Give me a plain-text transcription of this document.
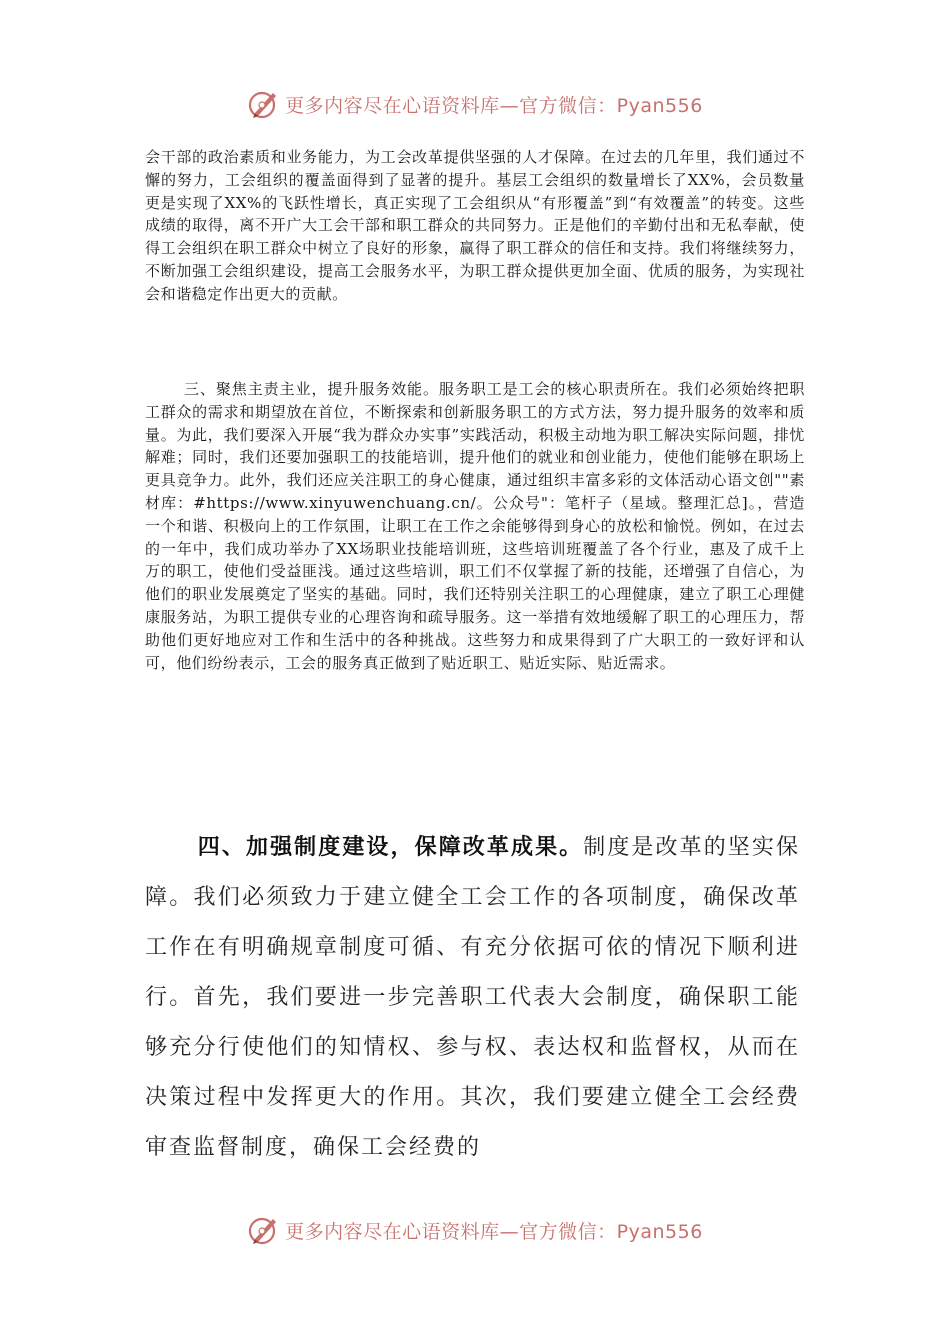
更多内容尽在心语资料库—官方微信：Pyan556

会干部的政治素质和业务能力，为工会改革提供坚强的人才保障。在过去的几年里，我们通过不懈的努力，工会组织的覆盖面得到了显著的提升。基层工会组织的数量增长了XX%，会员数量更是实现了XX%的飞跃性增长，真正实现了工会组织从“有形覆盖”到“有效覆盖”的转变。这些成绩的取得，离不开广大工会干部和职工群众的共同努力。正是他们的辛勤付出和无私奉献，使得工会组织在职工群众中树立了良好的形象，赢得了职工群众的信任和支持。我们将继续努力，不断加强工会组织建设，提高工会服务水平，为职工群众提供更加全面、优质的服务，为实现社会和谐稳定作出更大的贡献。

三、聚焦主责主业，提升服务效能。服务职工是工会的核心职责所在。我们必须始终把职工群众的需求和期望放在首位，不断探索和创新服务职工的方式方法，努力提升服务的效率和质量。为此，我们要深入开展“我为群众办实事”实践活动，积极主动地为职工解决实际问题，排忧解难；同时，我们还要加强职工的技能培训，提升他们的就业和创业能力，使他们能够在职场上更具竞争力。此外，我们还应关注职工的身心健康，通过组织丰富多彩的文体活动心语文创""素材库：#https://www.xinyuwenchuang.cn/。公众号"：笔杆子（星域。整理汇总]。，营造一个和谐、积极向上的工作氛围，让职工在工作之余能够得到身心的放松和愉悦。例如，在过去的一年中，我们成功举办了XX场职业技能培训班，这些培训班覆盖了各个行业，惠及了成千上万的职工，使他们受益匪浅。通过这些培训，职工们不仅掌握了新的技能，还增强了自信心，为他们的职业发展奠定了坚实的基础。同时，我们还特别关注职工的心理健康，建立了职工心理健康服务站，为职工提供专业的心理咨询和疏导服务。这一举措有效地缓解了职工的心理压力，帮助他们更好地应对工作和生活中的各种挑战。这些努力和成果得到了广大职工的一致好评和认可，他们纷纷表示，工会的服务真正做到了贴近职工、贴近实际、贴近需求。

四、加强制度建设，保障改革成果。制度是改革的坚实保障。我们必须致力于建立健全工会工作的各项制度，确保改革工作在有明确规章制度可循、有充分依据可依的情况下顺利进行。首先，我们要进一步完善职工代表大会制度，确保职工能够充分行使他们的知情权、参与权、表达权和监督权，从而在决策过程中发挥更大的作用。其次，我们要建立健全工会经费审查监督制度，确保工会经费的

更多内容尽在心语资料库—官方微信：Pyan556
